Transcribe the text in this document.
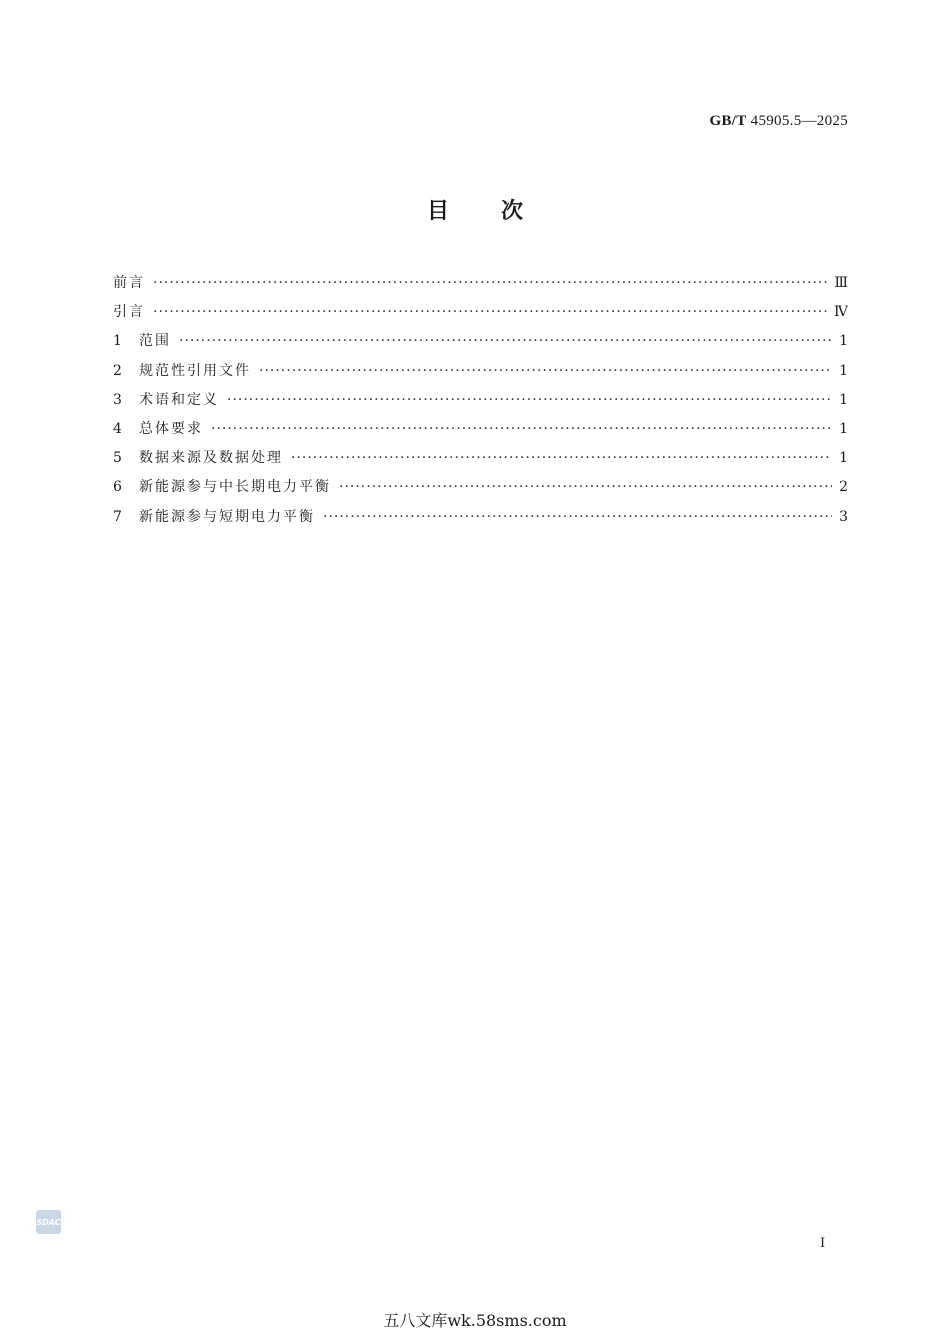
GB/T 45905.5—2025
目 次
前言 ·····	Ⅲ
引言 ·····	Ⅳ
1	范围 ·····	1
2	规范性引用文件 ·····	1
3	术语和定义 ·····	1
4	总体要求 ·····	1
5	数据来源及数据处理 ·····	1
6	新能源参与中长期电力平衡 ·····	2
7	新能源参与短期电力平衡 ·····	3
SDAC
I
五八文库wk.58sms.com
